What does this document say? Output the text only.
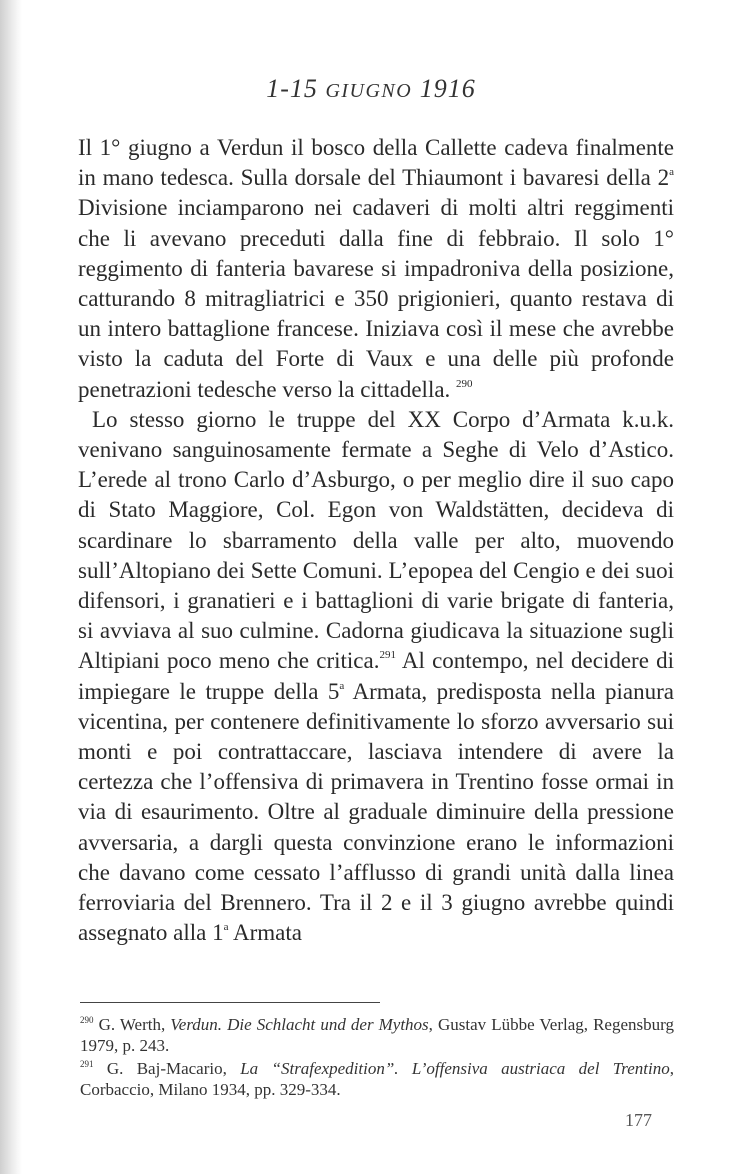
1-15 GIUGNO 1916

Il 1° giugno a Verdun il bosco della Callette cadeva finalmente in mano tedesca. Sulla dorsale del Thiaumont i bavaresi della 2$^a$ Divisione inciamparono nei cadaveri di molti altri reggimenti che li avevano preceduti dalla fine di febbraio. Il solo 1° reggimento di fanteria bavarese si impadroniva della posizione, catturando 8 mitragliatrici e 350 prigionieri, quanto restava di un intero battaglione francese. Iniziava così il mese che avrebbe visto la caduta del Forte di Vaux e una delle più profonde penetrazioni tedesche verso la cittadella. $^{290}$

Lo stesso giorno le truppe del XX Corpo d’Armata k.u.k. venivano sanguinosamente fermate a Seghe di Velo d’Astico. L’erede al trono Carlo d’Asburgo, o per meglio dire il suo capo di Stato Maggiore, Col. Egon von Waldstätten, decideva di scardinare lo sbarramento della valle per alto, muovendo sull’Altopiano dei Sette Comuni. L’epopea del Cengio e dei suoi difensori, i granatieri e i battaglioni di varie brigate di fanteria, si avviava al suo culmine. Cadorna giudicava la situazione sugli Altipiani poco meno che critica.$^{291}$ Al contempo, nel decidere di impiegare le truppe della 5$^a$ Armata, predisposta nella pianura vicentina, per contenere definitivamente lo sforzo avversario sui monti e poi contrattaccare, lasciava intendere di avere la certezza che l’offensiva di primavera in Trentino fosse ormai in via di esaurimento. Oltre al graduale diminuire della pressione avversaria, a dargli questa convinzione erano le informazioni che davano come cessato l’afflusso di grandi unità dalla linea ferroviaria del Brennero. Tra il 2 e il 3 giugno avrebbe quindi assegnato alla 1$^a$ Armata

$^{290}$ G. Werth, Verdun. Die Schlacht und der Mythos, Gustav Lübbe Verlag, Regensburg 1979, p. 243.

$^{291}$ G. Baj-Macario, La “Strafexpedition”. L’offensiva austriaca del Trentino, Corbaccio, Milano 1934, pp. 329-334.

177
